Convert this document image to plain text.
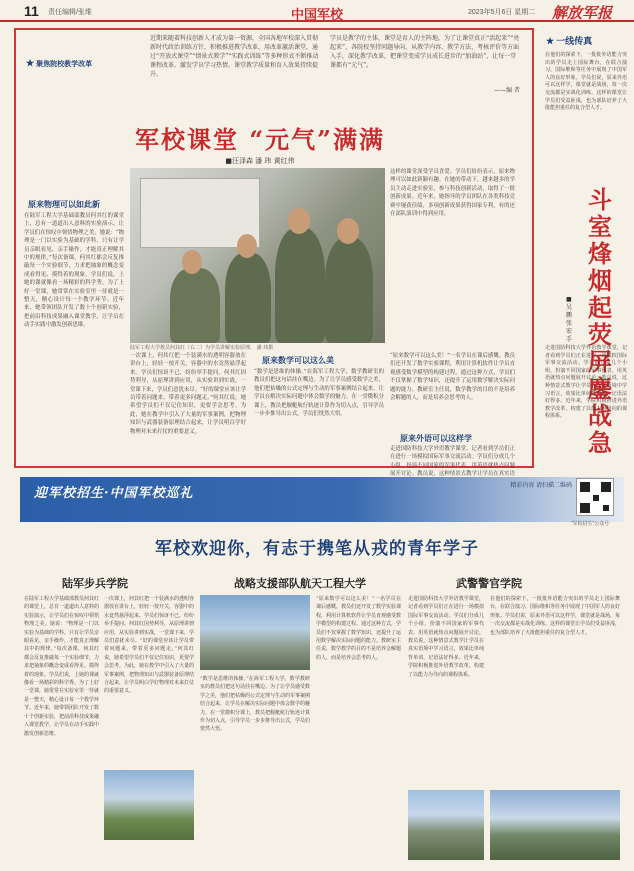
11 责任编辑/张维	中国军校	2023年5月6日 星期二 解放军报
★ 聚焦院校教学改革
近期来随着科技创新人才成为第一资源，全国各地军校深入贯彻新时代政治训练方针，积极推进教学改革，用改革激活课堂，通过“开放式课堂”“情景式教学”“实践式训练”等多种形式不断推动课程改革，激发学员学习热情，课堂教学质量和育人效果持续提升。
学员是教学的主体，课堂是育人的主阵地。为了让课堂真正“活起来”“亮起来”，各院校坚持问题导向，从教学内容、教学方法、考核评价等方面入手，深化教学改革，把课堂变成学员成长进步的“加油站”，让每一堂课都有“元气”。
——编 者
军校课堂 “元气”满满
■汪泽森 潘 玮 黄红伟
原来物理可以如此新
在陆军工程大学基础部教员何其红的课堂上，总有一道道出人意料的实验演示，让学员们在惊叹中领悟物理之美。她说：“物理是一门以实验为基础的学科，只有让学员亲眼看见、亲手操作，才能真正理解其中的规律。”每次备课，何其红都会反复推敲每一个实验细节，力求把抽象的概念变成看得见、摸得着的现象。学员们说，上她的课就像看一场精彩的科学秀。为了上好一堂课，她常常在实验室里一待就是一整天，精心设计每一个教学环节。近年来，她带领团队开发了数十个创新实验，把前沿科技成果融入课堂教学，让学员在动手实践中激发创新思维。
陆军工程大学教员何其红（右二）为学员讲解实验原理。 潘 玮摄
这样的课堂深受学员喜爱。学员们纷纷表示，原来物理可以如此新颖有趣。在她的带动下，越来越多的学员主动走进实验室，参与科技创新活动，取得了一批创新成果。近年来，她指导的学员团队在各类科技竞赛中屡获佳绩，多项创新成果获得国家专利，有的还在部队演训中得到应用。
一次课上，何其红把一个装满水的透明容器放在讲台上，轻轻一按开关，容器中的水竟然悬浮起来。学员们惊讶不已，纷纷举手提问。何其红因势利导，从原理讲到应用，从实验讲到实战，一堂课下来，学员们意犹未尽。“好的课堂应该让学员带着问题来，带着更多问题走。”何其红说，她希望学员们不仅记住知识，更要学会思考。为此，她在教学中引入了大量的军事案例，把物理知识与武器装备原理结合起来，让学员明白学好物理对未来打仗的重要意义。
原来数学可以这么美
“数学是思维的体操。”在海军工程大学，数学教研室的教员们把这句话挂在嘴边。为了让学员感受数学之美，他们把枯燥的公式定理与生动的军事案例结合起来，让学员在解决实际问题中体会数学的魅力。在一堂微积分课上，教员把舰艇航行轨迹计算作为切入点，引导学员一步步推导出公式，学员们恍然大悟。
“原来数学可以这么美！”一名学员在课后感慨。教员们还开发了数学实验课程，利用计算机软件让学员直观感受数学模型的构建过程。通过这种方式，学员们不仅掌握了数学知识，还提升了运用数学解决实际问题的能力。教研室主任说，数学教学的目的不是培养会解题的人，而是培养会思考的人。
原来外语可以这样学
走进国防科技大学外语教学课堂，记者看到学员们正在进行一场模拟国际军事交流活动。学员们分成几个小组，扮演不同国家的军事代表，用英语就热点问题展开讨论。教员说，这种情景式教学让学员在真实语
★ 一线传真
斗室烽烟起 荧屏鏖战急
■吴鹏 张宏手
在他们的探索下，一批批外语能力突出的学员走上国际舞台，在联合演习、国际维和等任务中展现了中国军人的良好形象。学员们说，原来外语可以这样学，课堂就是战场，每一次交流都是实战化训练。这样的课堂让学员们受益匪浅，也为部队培养了大批能担重任的复合型人才。
走进国防科技大学外语教学课堂，记者看到学员们正在进行一场模拟国际军事交流活动。学员们分成几个小组，扮演不同国家的军事代表，用英语就热点问题展开讨论。教员说，这种情景式教学让学员在真实语境中学习语言，效果比单纯背单词、记语法好得多。近年来，学院积极推进外语教学改革，构建了以能力为导向的课程体系。
迎军校招生·中国军校巡礼	精彩内容 请扫描二维码
“军校招生”公众号
军校欢迎你，有志于携笔从戎的青年学子
陆军步兵学院	战略支援部队航天工程大学	武警警官学院
在陆军工程大学基础部教员何其红的课堂上，总有一道道出人意料的实验演示，让学员们在惊叹中领悟物理之美。她说：“物理是一门以实验为基础的学科，只有让学员亲眼看见、亲手操作，才能真正理解其中的规律。”每次备课，何其红都会反复推敲每一个实验细节，力求把抽象的概念变成看得见、摸得着的现象。学员们说，上她的课就像看一场精彩的科学秀。为了上好一堂课，她常常在实验室里一待就是一整天，精心设计每一个教学环节。近年来，她带领团队开发了数十个创新实验，把前沿科技成果融入课堂教学，让学员在动手实践中激发创新思维。
一次课上，何其红把一个装满水的透明容器放在讲台上，轻轻一按开关，容器中的水竟然悬浮起来。学员们惊讶不已，纷纷举手提问。何其红因势利导，从原理讲到应用，从实验讲到实战，一堂课下来，学员们意犹未尽。“好的课堂应该让学员带着问题来，带着更多问题走。”何其红说，她希望学员们不仅记住知识，更要学会思考。为此，她在教学中引入了大量的军事案例，把物理知识与武器装备原理结合起来，让学员明白学好物理对未来打仗的重要意义。
“数学是思维的体操。”在海军工程大学，数学教研室的教员们把这句话挂在嘴边。为了让学员感受数学之美，他们把枯燥的公式定理与生动的军事案例结合起来，让学员在解决实际问题中体会数学的魅力。在一堂微积分课上，教员把舰艇航行轨迹计算作为切入点，引导学员一步步推导出公式，学员们恍然大悟。
“原来数学可以这么美！”一名学员在课后感慨。教员们还开发了数学实验课程，利用计算机软件让学员直观感受数学模型的构建过程。通过这种方式，学员们不仅掌握了数学知识，还提升了运用数学解决实际问题的能力。教研室主任说，数学教学的目的不是培养会解题的人，而是培养会思考的人。
走进国防科技大学外语教学课堂，记者看到学员们正在进行一场模拟国际军事交流活动。学员们分成几个小组，扮演不同国家的军事代表，用英语就热点问题展开讨论。教员说，这种情景式教学让学员在真实语境中学习语言，效果比单纯背单词、记语法好得多。近年来，学院积极推进外语教学改革，构建了以能力为导向的课程体系。
在他们的探索下，一批批外语能力突出的学员走上国际舞台，在联合演习、国际维和等任务中展现了中国军人的良好形象。学员们说，原来外语可以这样学，课堂就是战场，每一次交流都是实战化训练。这样的课堂让学员们受益匪浅，也为部队培养了大批能担重任的复合型人才。
